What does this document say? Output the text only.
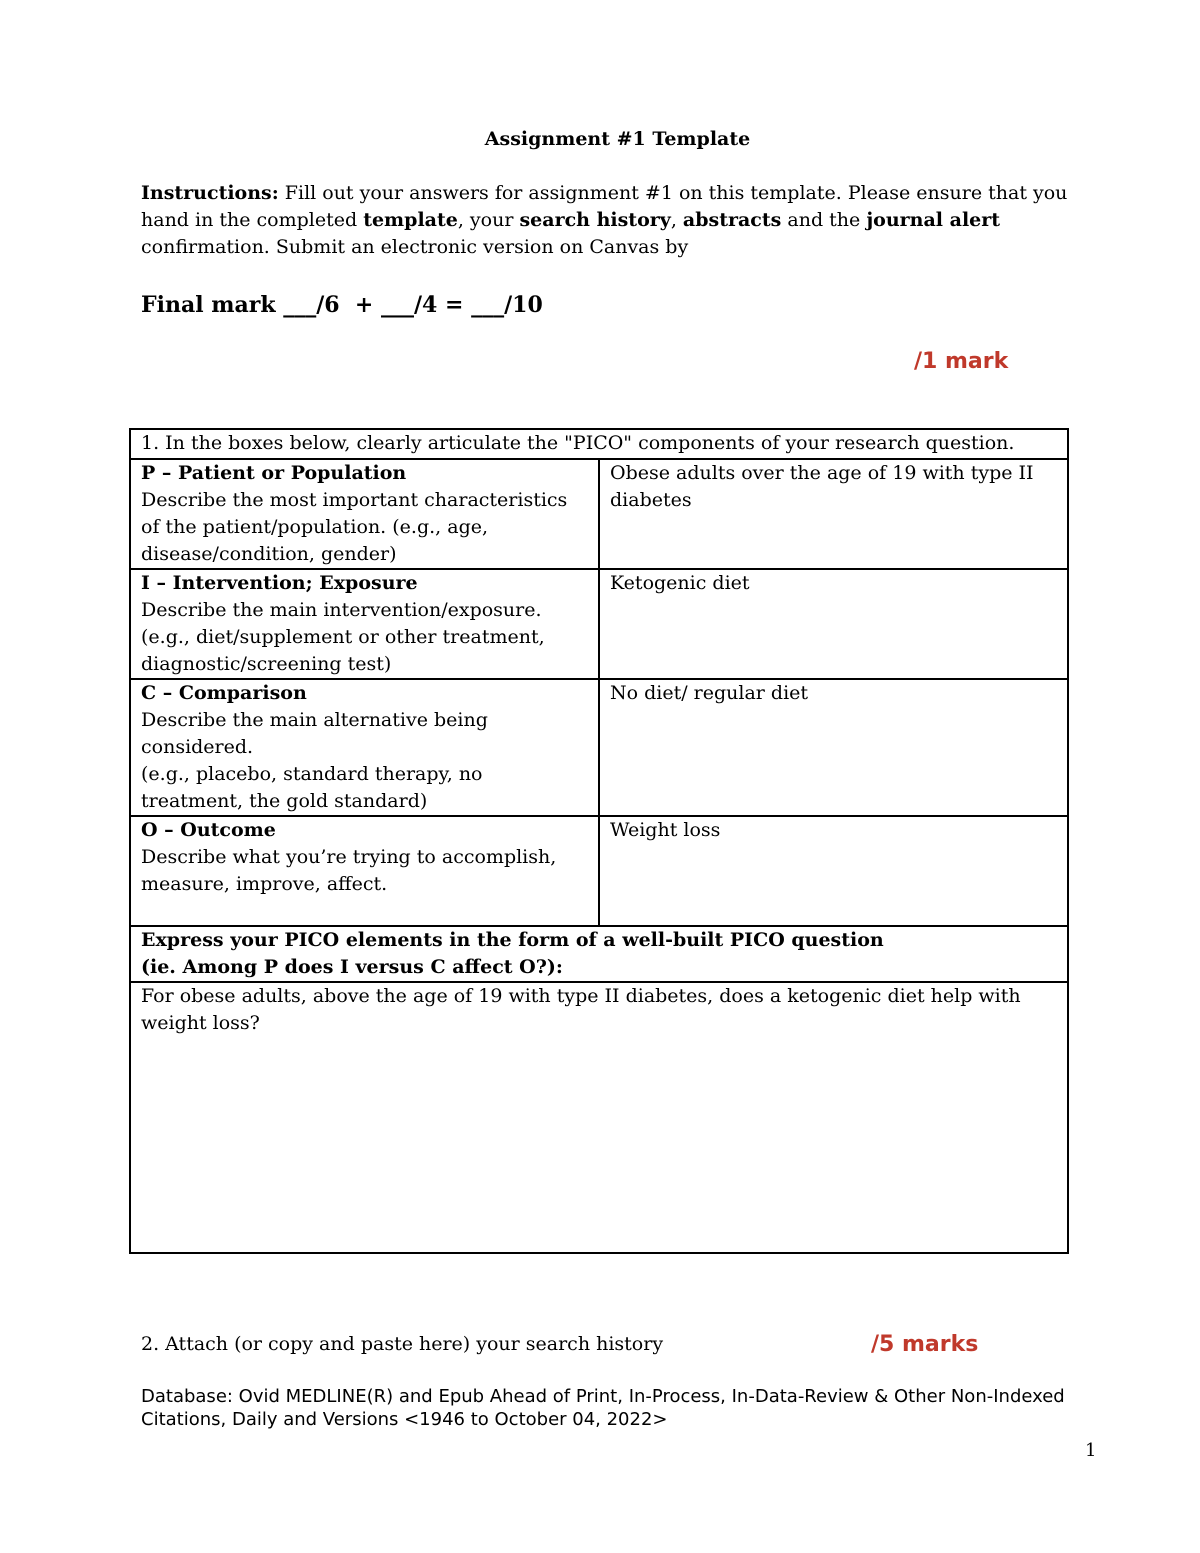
Assignment #1 Template
Instructions: Fill out your answers for assignment #1 on this template. Please ensure that you hand in the completed template, your search history, abstracts and the journal alert confirmation. Submit an electronic version on Canvas by
Final mark ___/6  + ___/4 = ___/10
/1 mark
1. In the boxes below, clearly articulate the "PICO" components of your research question.	

P – Patient or Population
Describe the most important characteristics of the patient/population. (e.g., age, disease/condition, gender)	Obese adults over the age of 19 with type II diabetes

I – Intervention; Exposure
Describe the main intervention/exposure. (e.g., diet/supplement or other treatment, diagnostic/screening test)	Ketogenic diet

C – Comparison
Describe the main alternative being considered.
(e.g., placebo, standard therapy, no treatment, the gold standard)	No diet/ regular diet

O – Outcome
Describe what you’re trying to accomplish, measure, improve, affect.	Weight loss

Express your PICO elements in the form of a well-built PICO question
(ie. Among P does I versus C affect O?):	

For obese adults, above the age of 19 with type II diabetes, does a ketogenic diet help with weight loss?	
2. Attach (or copy and paste here) your search history	/5 marks
Database: Ovid MEDLINE(R) and Epub Ahead of Print, In-Process, In-Data-Review & Other Non-Indexed Citations, Daily and Versions <1946 to October 04, 2022>
1
